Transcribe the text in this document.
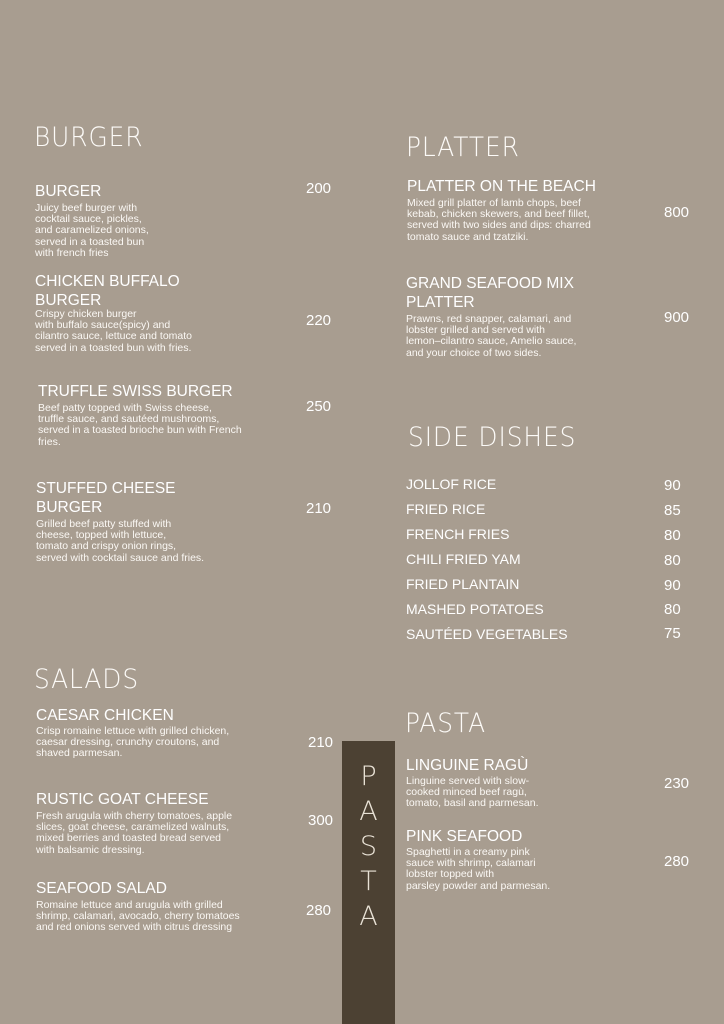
BURGER
BURGER
Juicy beef burger with
cocktail sauce, pickles,
and caramelized onions,
served in a toasted bun
with french fries
200
CHICKEN BUFFALO
BURGER
Crispy chicken burger
with buffalo sauce(spicy) and
cilantro sauce, lettuce and tomato
served in a toasted bun with fries.
220
TRUFFLE SWISS BURGER
Beef patty topped with Swiss cheese,
truffle sauce, and sautéed mushrooms,
served in a toasted brioche bun with French
fries.
250
STUFFED CHEESE
BURGER
Grilled beef patty stuffed with
cheese, topped with lettuce,
tomato and crispy onion rings,
served with cocktail sauce and fries.
210
SALADS
CAESAR CHICKEN
Crisp romaine lettuce with grilled chicken,
caesar dressing, crunchy croutons, and
shaved parmesan.
210
RUSTIC GOAT CHEESE
Fresh arugula with cherry tomatoes, apple
slices, goat cheese, caramelized walnuts,
mixed berries and toasted bread served
with balsamic dressing.
300
SEAFOOD SALAD
Romaine lettuce and arugula with grilled
shrimp, calamari, avocado, cherry tomatoes
and red onions served with citrus dressing
280
P
A
S
T
A
PLATTER
PLATTER ON THE BEACH
Mixed grill platter of lamb chops, beef
kebab, chicken skewers, and beef fillet,
served with two sides and dips: charred
tomato sauce and tzatziki.
800
GRAND SEAFOOD MIX
PLATTER
Prawns, red snapper, calamari, and
lobster grilled and served with
lemon–cilantro sauce, Amelio sauce,
and your choice of two sides.
900
SIDE DISHES
JOLLOF RICE	90
FRIED RICE	85
FRENCH FRIES	80
CHILI FRIED YAM	80
FRIED PLANTAIN	90
MASHED POTATOES	80
SAUTÉED VEGETABLES	75
PASTA
LINGUINE RAGÙ
Linguine served with slow-
cooked minced beef ragù,
tomato, basil and parmesan.
230
PINK SEAFOOD
Spaghetti in a creamy pink
sauce with shrimp, calamari
lobster topped with
parsley powder and parmesan.
280
